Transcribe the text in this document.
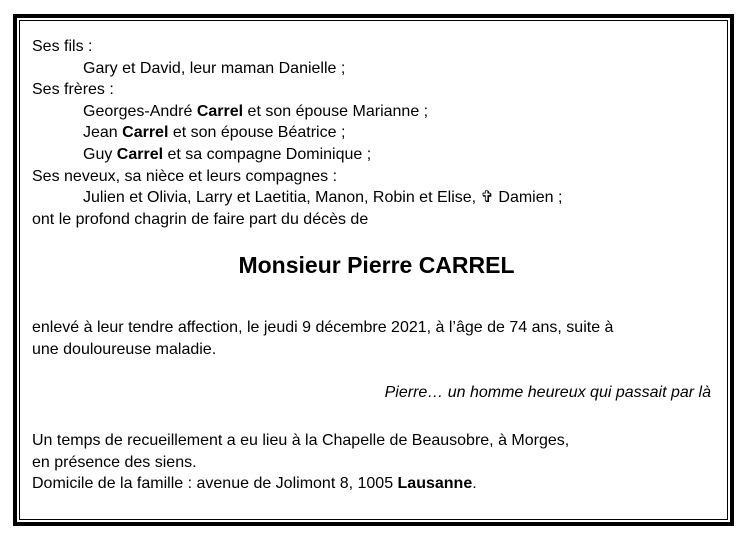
Ses fils :
Gary et David, leur maman Danielle ;
Ses frères :
Georges-André Carrel et son épouse Marianne ;
Jean Carrel et son épouse Béatrice ;
Guy Carrel et sa compagne Dominique ;
Ses neveux, sa nièce et leurs compagnes :
Julien et Olivia, Larry et Laetitia, Manon, Robin et Elise, ✞ Damien ;
ont le profond chagrin de faire part du décès de
Monsieur Pierre CARREL
enlevé à leur tendre affection, le jeudi 9 décembre 2021, à l’âge de 74 ans, suite à
une douloureuse maladie.
Pierre… un homme heureux qui passait par là
Un temps de recueillement a eu lieu à la Chapelle de Beausobre, à Morges,
en présence des siens.
Domicile de la famille : avenue de Jolimont 8, 1005 Lausanne.
